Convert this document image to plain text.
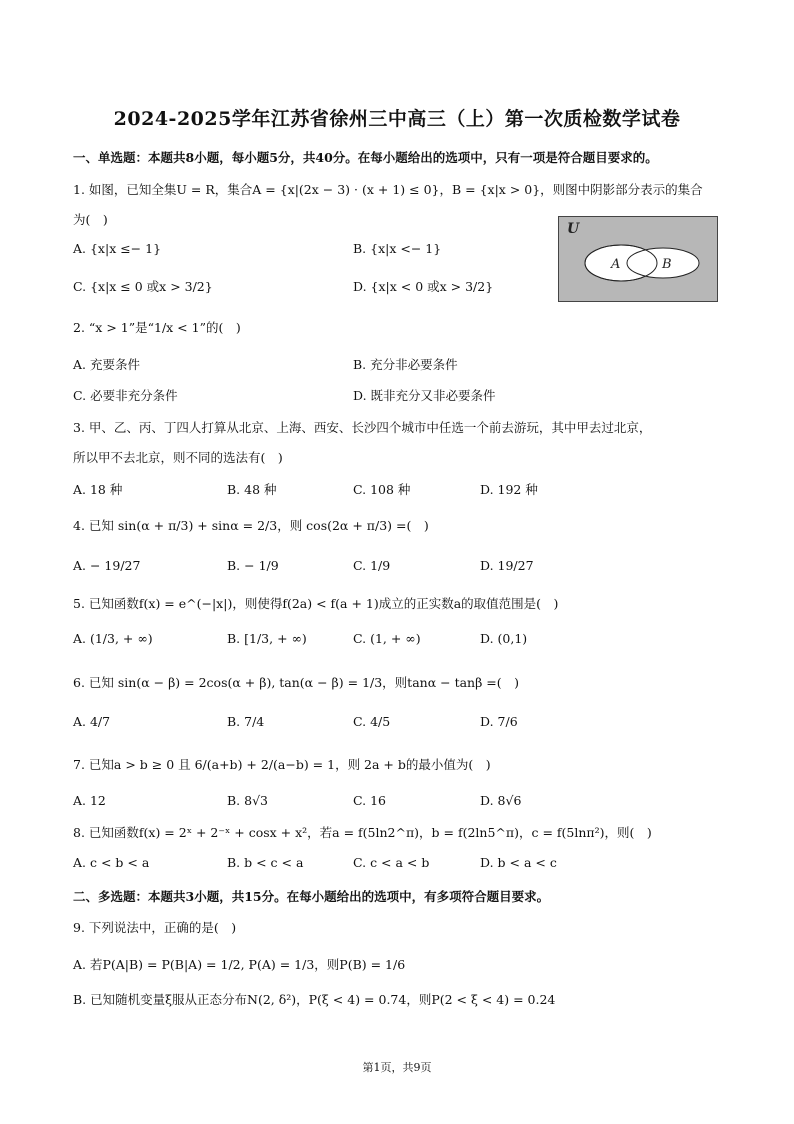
2024-2025学年江苏省徐州三中高三（上）第一次质检数学试卷
一、单选题：本题共8小题，每小题5分，共40分。在每小题给出的选项中，只有一项是符合题目要求的。
1. 如图，已知全集U = R，集合A = {x|(2x − 3) · (x + 1) ≤ 0}，B = {x|x > 0}，则图中阴影部分表示的集合
为(　)
A. {x|x ≤− 1}	B. {x|x <− 1}
C. {x|x ≤ 0 或x > 3/2}	D. {x|x < 0 或x > 3/2}
U
A	B
2. “x > 1”是“1/x < 1”的(　)
A. 充要条件	B. 充分非必要条件
C. 必要非充分条件	D. 既非充分又非必要条件
3. 甲、乙、丙、丁四人打算从北京、上海、西安、长沙四个城市中任选一个前去游玩，其中甲去过北京，
所以甲不去北京，则不同的选法有(　)
A. 18 种	B. 48 种	C. 108 种	D. 192 种
4. 已知 sin(α + π/3) + sinα = 2/3，则 cos(2α + π/3) =(　)
A. − 19/27	B. − 1/9	C. 1/9	D. 19/27
5. 已知函数f(x) = e^(−|x|)，则使得f(2a) < f(a + 1)成立的正实数a的取值范围是(　)
A. (1/3, + ∞)	B. [1/3, + ∞)	C. (1, + ∞)	D. (0,1)
6. 已知 sin(α − β) = 2cos(α + β), tan(α − β) = 1/3，则tanα − tanβ =(　)
A. 4/7	B. 7/4	C. 4/5	D. 7/6
7. 已知a > b ≥ 0 且 6/(a+b) + 2/(a−b) = 1，则 2a + b的最小值为(　)
A. 12	B. 8√3	C. 16	D. 8√6
8. 已知函数f(x) = 2ˣ + 2⁻ˣ + cosx + x²，若a = f(5ln2^π)，b = f(2ln5^π)，c = f(5lnπ²)，则(　)
A. c < b < a	B. b < c < a	C. c < a < b	D. b < a < c
二、多选题：本题共3小题，共15分。在每小题给出的选项中，有多项符合题目要求。
9. 下列说法中，正确的是(　)
A. 若P(A|B) = P(B|A) = 1/2, P(A) = 1/3，则P(B) = 1/6
B. 已知随机变量ξ服从正态分布N(2, δ²)，P(ξ < 4) = 0.74，则P(2 < ξ < 4) = 0.24
第1页，共9页
